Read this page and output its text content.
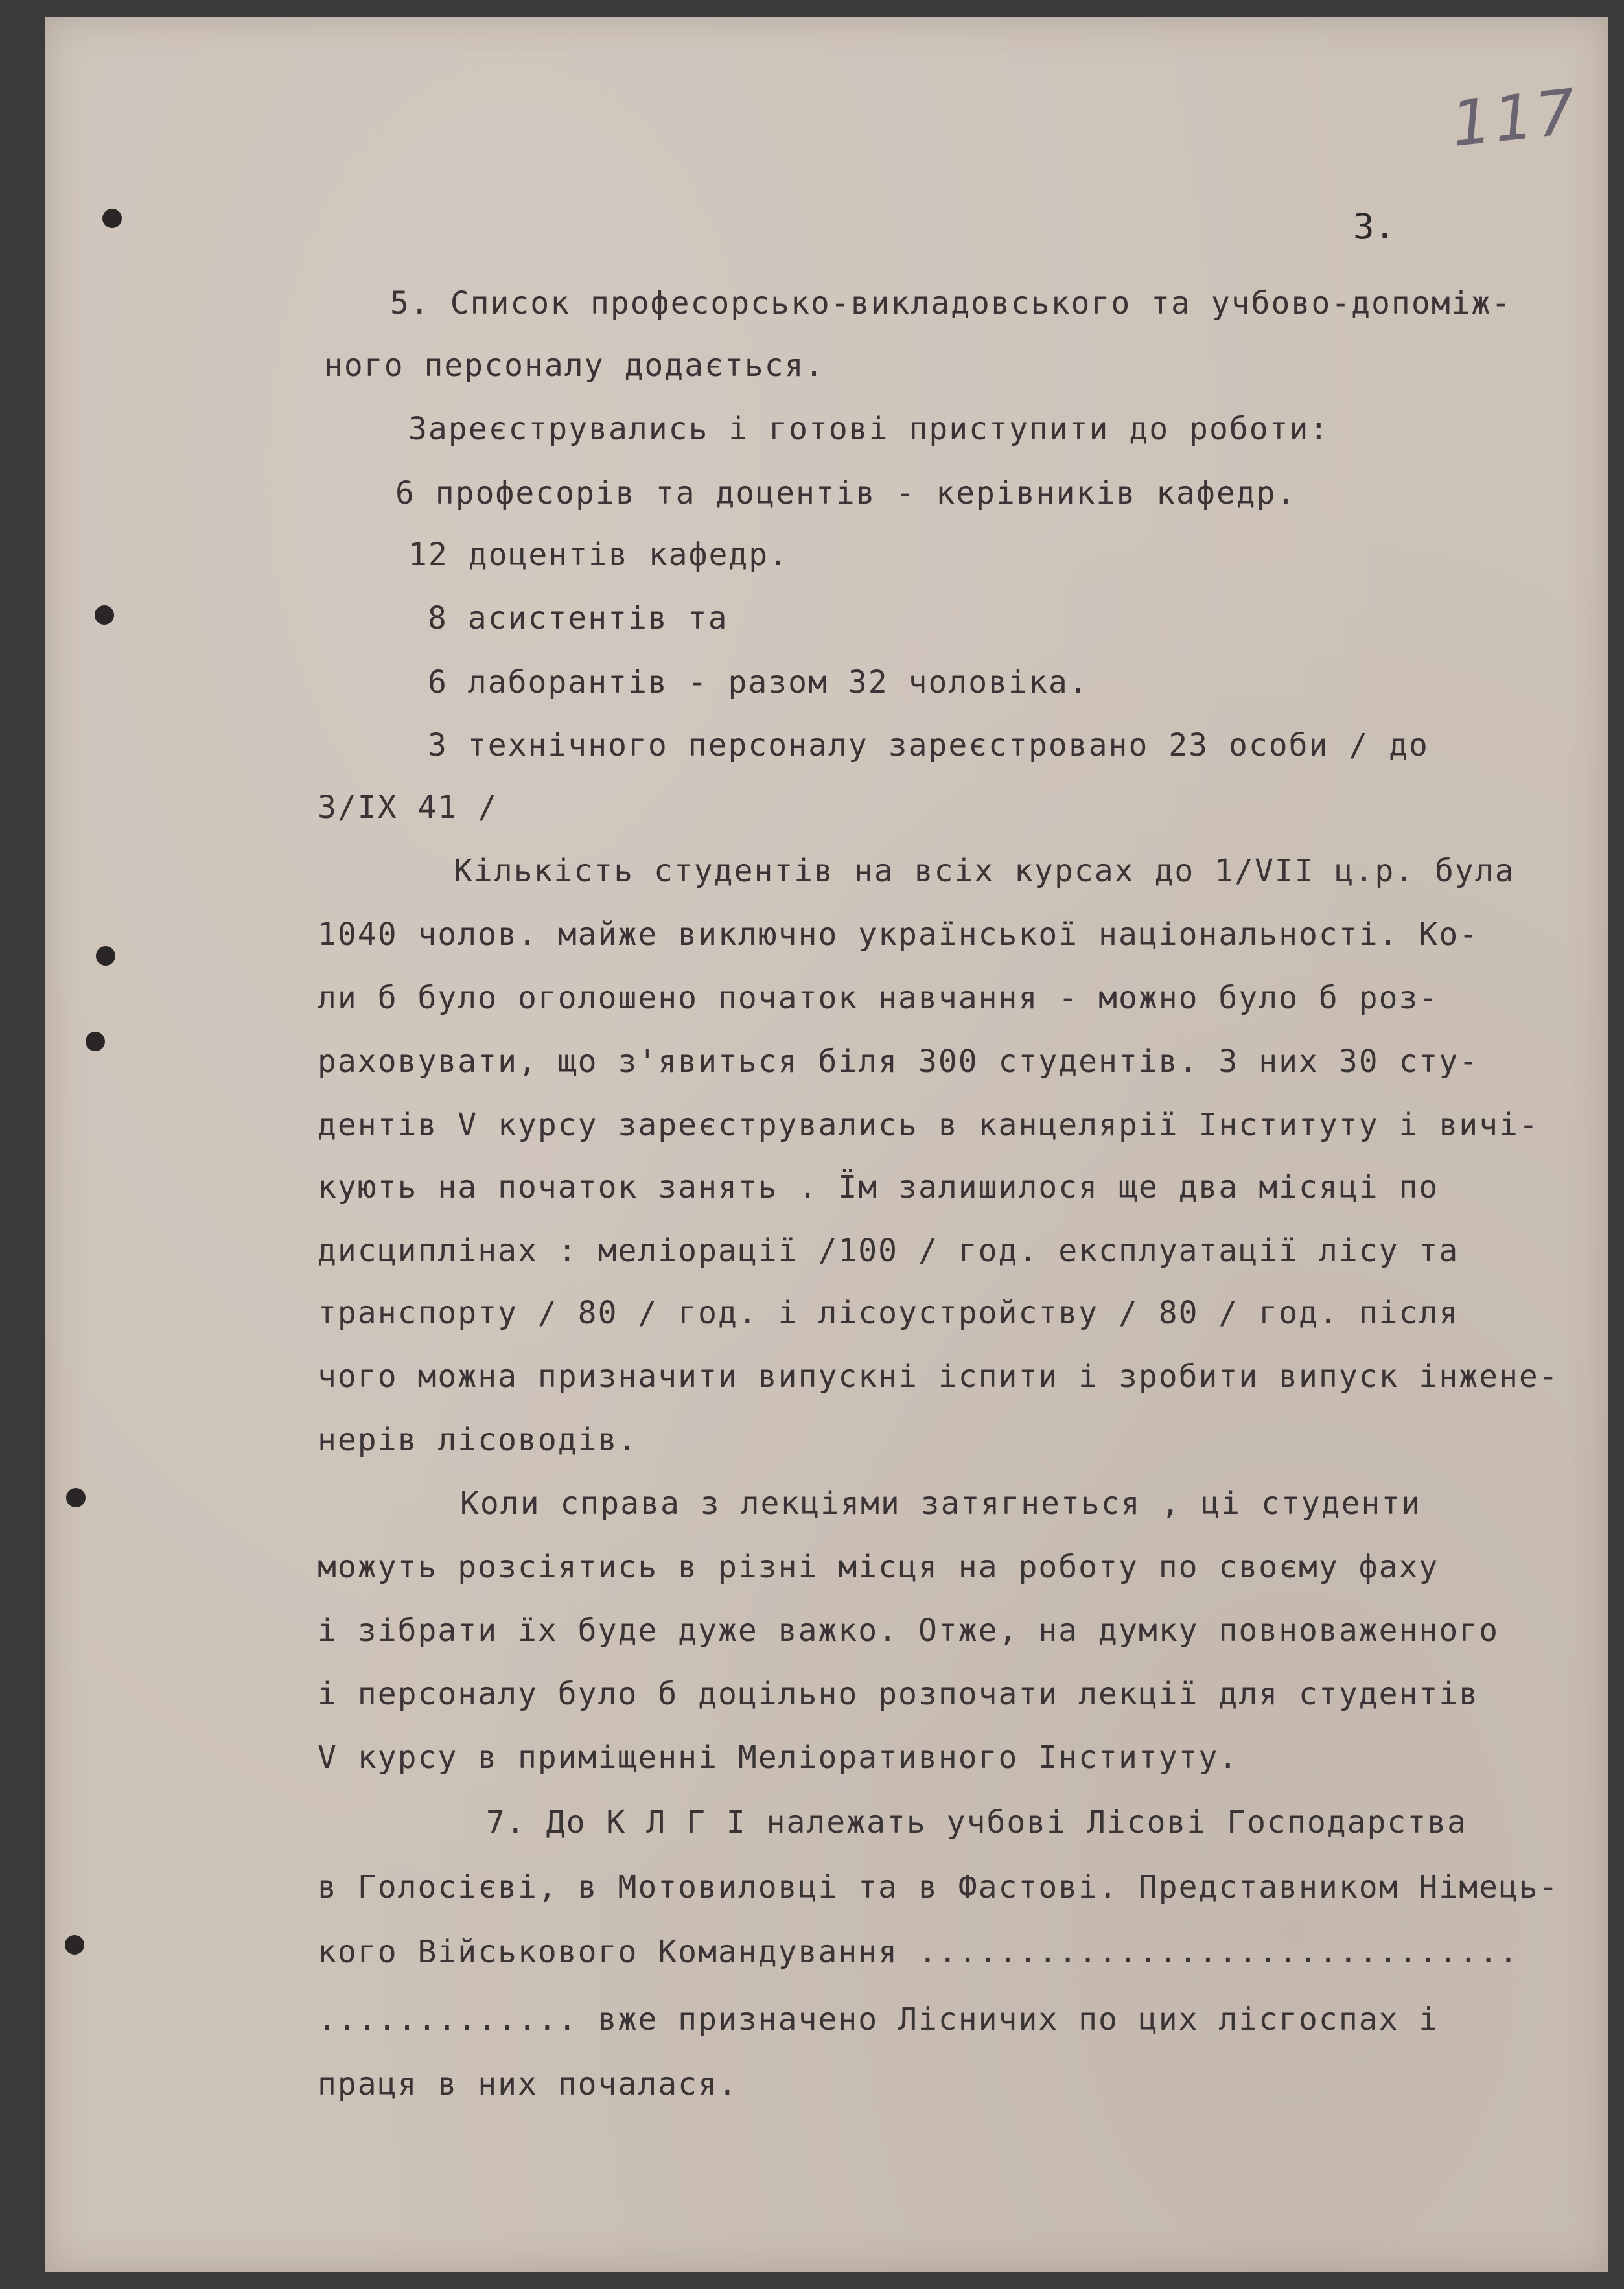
117
3.
5. Список професорсько-викладовського та учбово-допоміж-
ного персоналу додається.
Зареєструвались і готові приступити до роботи:
6 професорів та доцентів - керівників кафедр.
12 доцентів кафедр.
8 асистентів та
6 лаборантів - разом 32 чоловіка.
З технічного персоналу зареєстровано 23 особи / до
3/IX 41 /
Кількість студентів на всіх курсах до 1/VII ц.р. була
1040 чолов. майже виключно української національності. Ко-
ли б було оголошено початок навчання - можно було б роз-
раховувати, що з'явиться біля 300 студентів. З них 30 сту-
дентів V курсу зареєструвались в канцелярії Інституту і вичі-
кують на початок занять . Їм залишилося ще два місяці по
дисциплінах : меліорації /100 / год. експлуатації лісу та
транспорту / 80 / год. і лісоустройству / 80 / год. після
чого можна призначити випускні іспити і зробити випуск інжене-
нерів лісоводів.
Коли справа з лекціями затягнеться , ці студенти
можуть розсіятись в різні місця на роботу по своєму фаху
і зібрати їх буде дуже важко. Отже, на думку повноваженного
і персоналу було б доцільно розпочати лекції для студентів
V курсу в приміщенні Меліоративного Інституту.
7. До К Л Г І належать учбові Лісові Господарства
в Голосієві, в Мотовиловці та в Фастові. Представником Німець-
кого Військового Командування ..............................
............. вже призначено Лісничих по цих лісгоспах і
праця в них почалася.
